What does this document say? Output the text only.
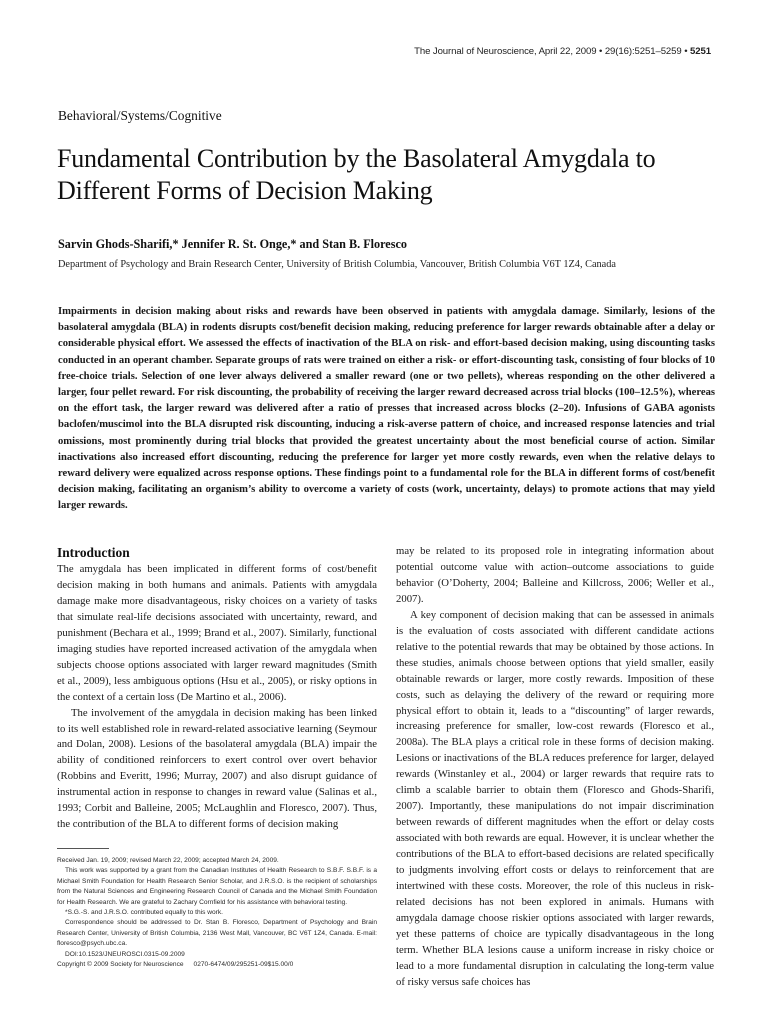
The Journal of Neuroscience, April 22, 2009 • 29(16):5251–5259 • 5251
Behavioral/Systems/Cognitive
Fundamental Contribution by the Basolateral Amygdala to Different Forms of Decision Making
Sarvin Ghods-Sharifi,* Jennifer R. St. Onge,* and Stan B. Floresco
Department of Psychology and Brain Research Center, University of British Columbia, Vancouver, British Columbia V6T 1Z4, Canada

Impairments in decision making about risks and rewards have been observed in patients with amygdala damage. Similarly, lesions of the basolateral amygdala (BLA) in rodents disrupts cost/benefit decision making, reducing preference for larger rewards obtainable after a delay or considerable physical effort. We assessed the effects of inactivation of the BLA on risk- and effort-based decision making, using discounting tasks conducted in an operant chamber. Separate groups of rats were trained on either a risk- or effort-discounting task, consisting of four blocks of 10 free-choice trials. Selection of one lever always delivered a smaller reward (one or two pellets), whereas responding on the other delivered a larger, four pellet reward. For risk discounting, the probability of receiving the larger reward decreased across trial blocks (100–12.5%), whereas on the effort task, the larger reward was delivered after a ratio of presses that increased across blocks (2–20). Infusions of GABA agonists baclofen/muscimol into the BLA disrupted risk discounting, inducing a risk-averse pattern of choice, and increased response latencies and trial omissions, most prominently during trial blocks that provided the greatest uncertainty about the most beneficial course of action. Similar inactivations also increased effort discounting, reducing the preference for larger yet more costly rewards, even when the relative delays to reward delivery were equalized across response options. These findings point to a fundamental role for the BLA in different forms of cost/benefit decision making, facilitating an organism’s ability to overcome a variety of costs (work, uncertainty, delays) to promote actions that may yield larger rewards.

Introduction

The amygdala has been implicated in different forms of cost/benefit decision making in both humans and animals. Patients with amygdala damage make more disadvantageous, risky choices on a variety of tasks that simulate real-life decisions associated with uncertainty, reward, and punishment (Bechara et al., 1999; Brand et al., 2007). Similarly, functional imaging studies have reported increased activation of the amygdala when subjects choose options associated with larger reward magnitudes (Smith et al., 2009), less ambiguous options (Hsu et al., 2005), or risky options in the context of a certain loss (De Martino et al., 2006).

The involvement of the amygdala in decision making has been linked to its well established role in reward-related associative learning (Seymour and Dolan, 2008). Lesions of the basolateral amygdala (BLA) impair the ability of conditioned reinforcers to exert control over overt behavior (Robbins and Everitt, 1996; Murray, 2007) and also disrupt guidance of instrumental action in response to changes in reward value (Salinas et al., 1993; Corbit and Balleine, 2005; McLaughlin and Floresco, 2007). Thus, the contribution of the BLA to different forms of decision making

may be related to its proposed role in integrating information about potential outcome value with action–outcome associations to guide behavior (O’Doherty, 2004; Balleine and Killcross, 2006; Weller et al., 2007).

A key component of decision making that can be assessed in animals is the evaluation of costs associated with different candidate actions relative to the potential rewards that may be obtained by those actions. In these studies, animals choose between options that yield smaller, easily obtainable rewards or larger, more costly rewards. Imposition of these costs, such as delaying the delivery of the reward or requiring more physical effort to obtain it, leads to a “discounting” of larger rewards, increasing preference for smaller, low-cost rewards (Floresco et al., 2008a). The BLA plays a critical role in these forms of decision making. Lesions or inactivations of the BLA reduces preference for larger, delayed rewards (Winstanley et al., 2004) or larger rewards that require rats to climb a scalable barrier to obtain them (Floresco and Ghods-Sharifi, 2007). Importantly, these manipulations do not impair discrimination between rewards of different magnitudes when the effort or delay costs associated with both rewards are equal. However, it is unclear whether the contributions of the BLA to effort-based decisions are related specifically to judgments involving effort costs or delays to reinforcement that are intertwined with these costs. Moreover, the role of this nucleus in risk-related decisions has not been explored in animals. Humans with amygdala damage choose riskier options associated with larger rewards, yet these patterns of choice are typically disadvantageous in the long term. Whether BLA lesions cause a uniform increase in risky choice or lead to a more fundamental disruption in calculating the long-term value of risky versus safe choices has

Received Jan. 19, 2009; revised March 22, 2009; accepted March 24, 2009.

This work was supported by a grant from the Canadian Institutes of Health Research to S.B.F. S.B.F. is a Michael Smith Foundation for Health Research Senior Scholar, and J.R.S.O. is the recipient of scholarships from the Natural Sciences and Engineering Research Council of Canada and the Michael Smith Foundation for Health Research. We are grateful to Zachary Cornfield for his assistance with behavioral testing.

*S.G.-S. and J.R.S.O. contributed equally to this work.

Correspondence should be addressed to Dr. Stan B. Floresco, Department of Psychology and Brain Research Center, University of British Columbia, 2136 West Mall, Vancouver, BC V6T 1Z4, Canada. E-mail: floresco@psych.ubc.ca.

DOI:10.1523/JNEUROSCI.0315-09.2009

Copyright © 2009 Society for Neuroscience 0270-6474/09/295251-09$15.00/0
